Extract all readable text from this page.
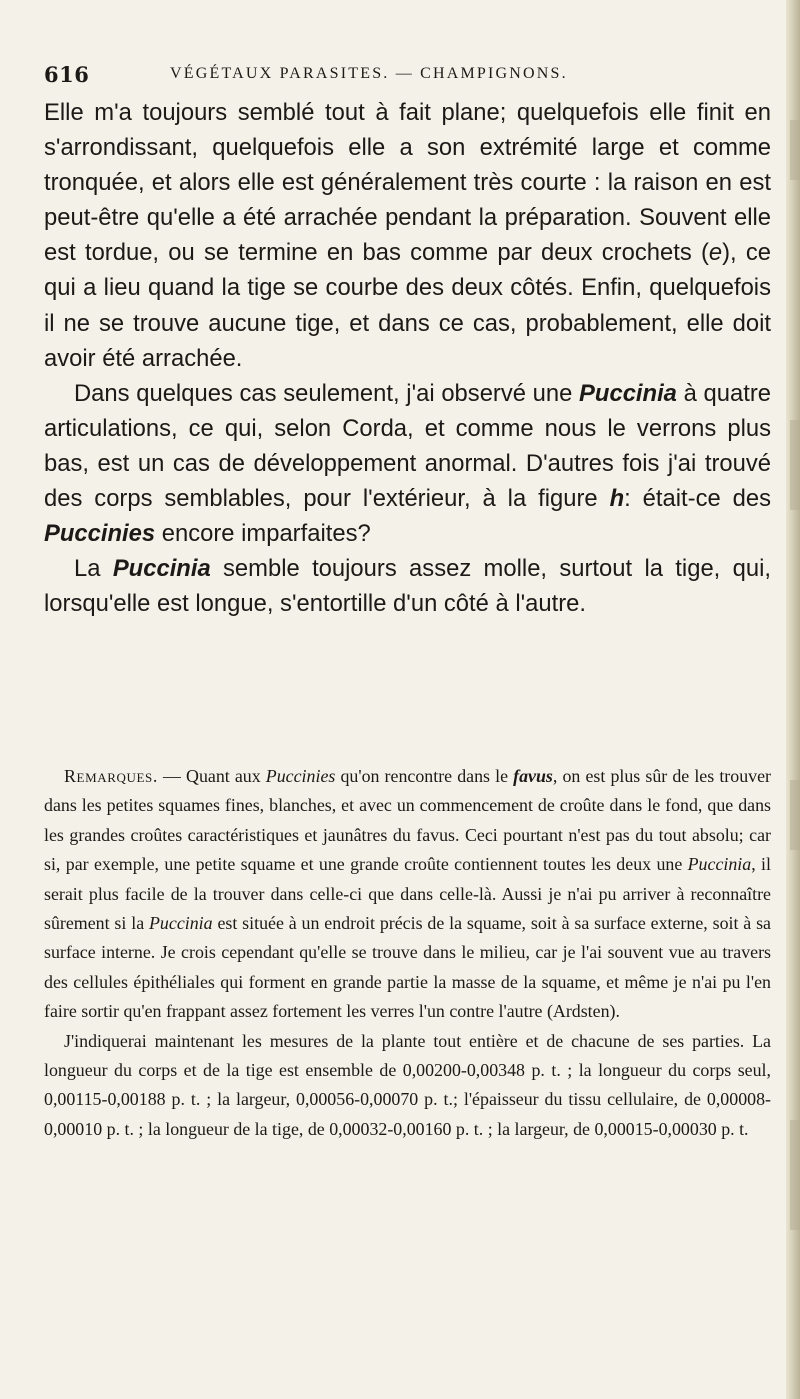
616	VÉGÉTAUX PARASITES. — CHAMPIGNONS.

Elle m'a toujours semblé tout à fait plane; quelquefois elle finit en s'arrondissant, quelquefois elle a son extrémité large et comme tronquée, et alors elle est généralement très courte : la raison en est peut-être qu'elle a été arrachée pendant la préparation. Souvent elle est tordue, ou se termine en bas comme par deux crochets (e), ce qui a lieu quand la tige se courbe des deux côtés. Enfin, quelquefois il ne se trouve aucune tige, et dans ce cas, probablement, elle doit avoir été arrachée.

Dans quelques cas seulement, j'ai observé une Puccinia à quatre articulations, ce qui, selon Corda, et comme nous le verrons plus bas, est un cas de développement anormal. D'autres fois j'ai trouvé des corps semblables, pour l'extérieur, à la figure h: était-ce des Puccinies encore imparfaites?

La Puccinia semble toujours assez molle, surtout la tige, qui, lorsqu'elle est longue, s'entortille d'un côté à l'autre.

Remarques. — Quant aux Puccinies qu'on rencontre dans le favus, on est plus sûr de les trouver dans les petites squames fines, blanches, et avec un commencement de croûte dans le fond, que dans les grandes croûtes caractéristiques et jaunâtres du favus. Ceci pourtant n'est pas du tout absolu; car si, par exemple, une petite squame et une grande croûte contiennent toutes les deux une Puccinia, il serait plus facile de la trouver dans celle-ci que dans celle-là. Aussi je n'ai pu arriver à reconnaître sûrement si la Puccinia est située à un endroit précis de la squame, soit à sa surface externe, soit à sa surface interne. Je crois cependant qu'elle se trouve dans le milieu, car je l'ai souvent vue au travers des cellules épithéliales qui forment en grande partie la masse de la squame, et même je n'ai pu l'en faire sortir qu'en frappant assez fortement les verres l'un contre l'autre (Ardsten).

J'indiquerai maintenant les mesures de la plante tout entière et de chacune de ses parties. La longueur du corps et de la tige est ensemble de 0,00200-0,00348 p. t. ; la longueur du corps seul, 0,00115-0,00188 p. t. ; la largeur, 0,00056-0,00070 p. t.; l'épaisseur du tissu cellulaire, de 0,00008-0,00010 p. t. ; la longueur de la tige, de 0,00032-0,00160 p. t. ; la largeur, de 0,00015-0,00030 p. t.
